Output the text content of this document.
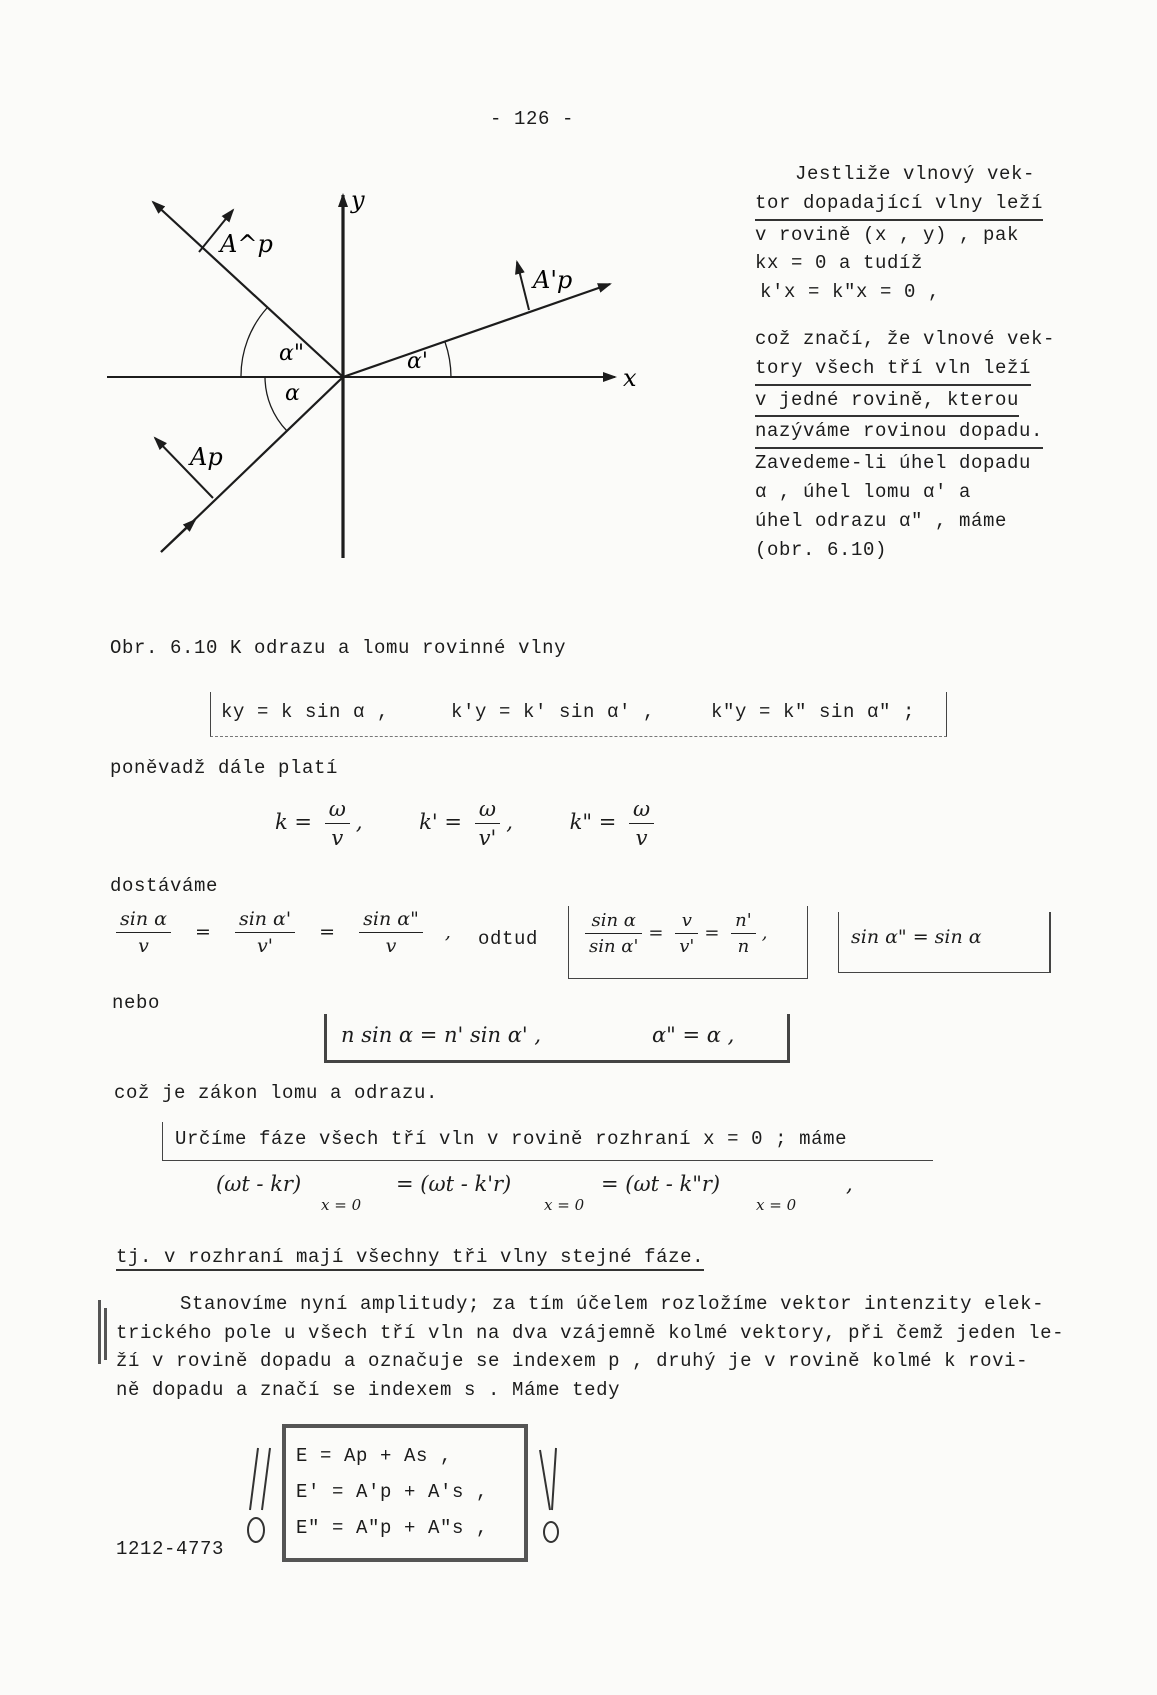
- 126 -
y
x
A^p
A'p
Ap
α"
α
α'
Jestliže vlnový vek-
tor dopadající vlny leží

v rovině (x , y) , pak
kx = 0 a tudíž
k'x = k"x = 0 ,
což značí, že vlnové vek-
tory všech tří vln leží
v jedné rovině, kterou
nazýváme rovinou dopadu.

Zavedeme-li úhel dopadu
α , úhel lomu α' a
úhel odrazu α" , máme
(obr. 6.10)
Obr. 6.10 K odrazu a lomu rovinné vlny
ky = k sin α ,	k'y = k' sin α' ,	k"y = k" sin α" ;
poněvadž dále platí
$k = \frac{\omega}{v}$ , $k' = \frac{\omega}{v'}$ , k" = $\frac{\omega}{v}$
dostáváme
$\frac{\text{sin α}}{v} = \frac{\text{sin α'}}{v'} = \frac{\text{sin α"}}{v}$ , odtud	$\frac{\text{sin α}}{\text{sin α'}} = \frac{v}{v'} = \frac{n'}{n}$ ,	sin α" = sin α
nebo
n sin α = n' sin α' ,	α" = α ,
což je zákon lomu a odrazu.
Určíme fáze všech tří vln v rovině rozhraní x = 0 ; máme
(ωt - kr)
x = 0
= (ωt - k'r)
x = 0
= (ωt - k"r)
x = 0
,
tj. v rozhraní mají všechny tři vlny stejné fáze.
Stanovíme nyní amplitudy; za tím účelem rozložíme vektor intenzity elek-
trického pole u všech tří vln na dva vzájemně kolmé vektory, při čemž jeden le-
ží v rovině dopadu a označuje se indexem p , druhý je v rovině kolmé k rovi-
ně dopadu a značí se indexem s . Máme tedy
E = Ap + As ,
E' = A'p + A's ,
E" = A"p + A"s ,
1212-4773
